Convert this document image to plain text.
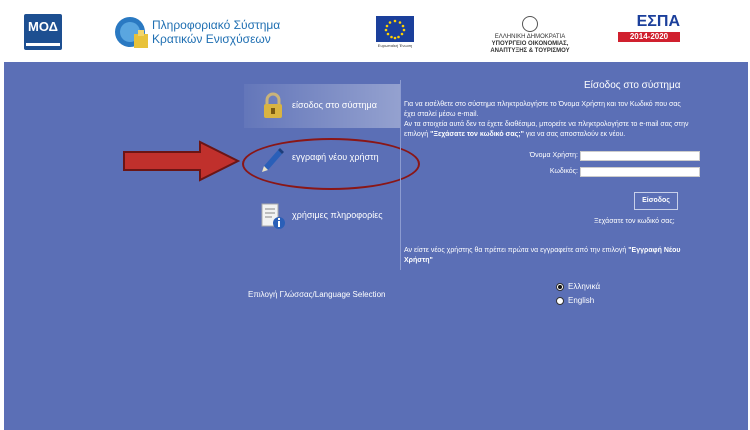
ΜΟΔ	Πληροφοριακό Σύστημα
Κρατικών Ενισχύσεων	Ευρωπαϊκή Ένωση
ΕΛΛΗΝΙΚΗ ΔΗΜΟΚΡΑΤΙΑ
ΥΠΟΥΡΓΕΙΟ ΟΙΚΟΝΟΜΙΑΣ,
ΑΝΑΠΤΥΞΗΣ & ΤΟΥΡΙΣΜΟΥ
ΕΣΠΑ
2014-2020
είσοδος στο σύστημα
εγγραφή νέου χρήστη
χρήσιμες πληροφορίες
Είσοδος στο σύστημα
Για να εισέλθετε στο σύστημα πληκτρολογήστε το Όνομα Χρήστη και τον Κωδικό που σας έχει σταλεί μέσω e-mail.
Αν τα στοιχεία αυτά δεν τα έχετε διαθέσιμα, μπορείτε να πληκτρολογήστε το e-mail σας στην επιλογή "Ξεχάσατε τον κωδικό σας;" για να σας αποσταλούν εκ νέου.
Όνομα Χρήστη:
Κωδικός:
Είσοδος
Ξεχάσατε τον κωδικό σας;
Αν είστε νέος χρήστης θα πρέπει πρώτα να εγγραφείτε από την επιλογή "Εγγραφή Νέου Χρήστη"
Επιλογή Γλώσσας/Language Selection
Ελληνικά
English
